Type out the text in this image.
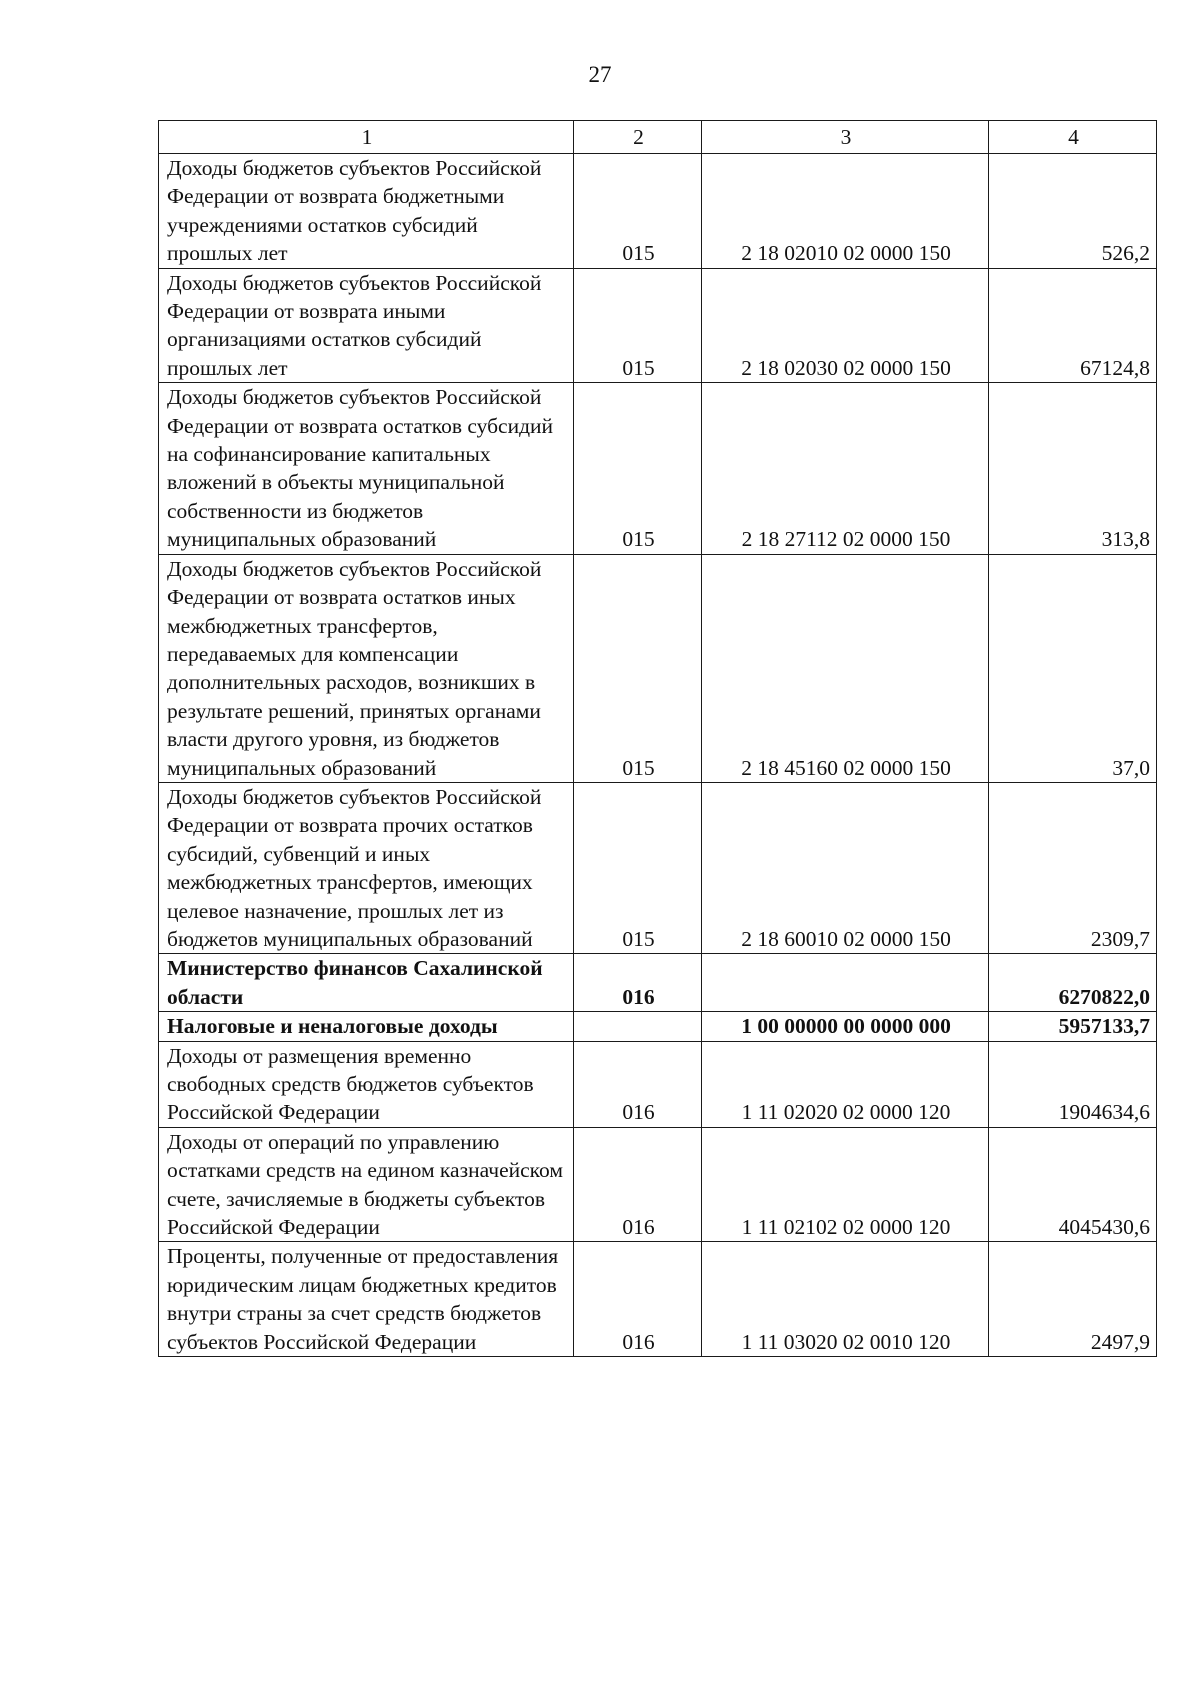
27
1	2	3	4
Доходы бюджетов субъектов Российской Федерации от возврата бюджетными учреждениями остатков субсидий прошлых лет	015	2 18 02010 02 0000 150	526,2
Доходы бюджетов субъектов Российской Федерации от возврата иными организациями остатков субсидий прошлых лет	015	2 18 02030 02 0000 150	67124,8
Доходы бюджетов субъектов Российской Федерации от возврата остатков субсидий на софинансирование капитальных вложений в объекты муниципальной собственности из бюджетов муниципальных образований	015	2 18 27112 02 0000 150	313,8
Доходы бюджетов субъектов Российской Федерации от возврата остатков иных межбюджетных трансфертов, передаваемых для компенсации дополнительных расходов, возникших в результате решений, принятых органами власти другого уровня, из бюджетов муниципальных образований	015	2 18 45160 02 0000 150	37,0
Доходы бюджетов субъектов Российской Федерации от возврата прочих остатков субсидий, субвенций и иных межбюджетных трансфертов, имеющих целевое назначение, прошлых лет из бюджетов муниципальных образований	015	2 18 60010 02 0000 150	2309,7
Министерство финансов Сахалинской области	016		6270822,0
Налоговые и неналоговые доходы		1 00 00000 00 0000 000	5957133,7
Доходы от размещения временно свободных средств бюджетов субъектов Российской Федерации	016	1 11 02020 02 0000 120	1904634,6
Доходы от операций по управлению остатками средств на едином казначейском счете, зачисляемые в бюджеты субъектов Российской Федерации	016	1 11 02102 02 0000 120	4045430,6
Проценты, полученные от предоставления юридическим лицам бюджетных кредитов внутри страны за счет средств бюджетов субъектов Российской Федерации	016	1 11 03020 02 0010 120	2497,9
